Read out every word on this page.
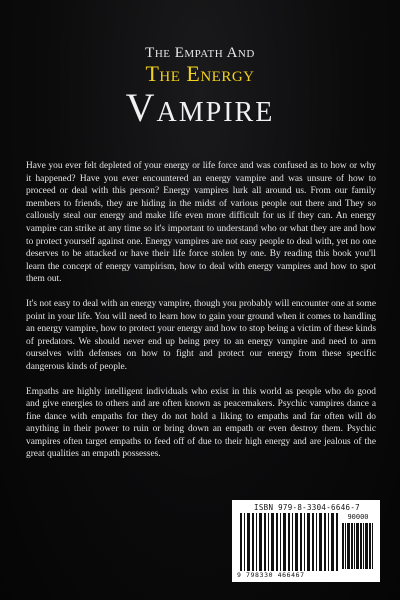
The Empath And
The Energy
Vampire

Have you ever felt depleted of your energy or life force and was confused as to how or why it happened? Have you ever encountered an energy vampire and was unsure of how to proceed or deal with this person? Energy vampires lurk all around us. From our family members to friends, they are hiding in the midst of various people out there and They so callously steal our energy and make life even more difficult for us if they can. An energy vampire can strike at any time so it's important to understand who or what they are and how to protect yourself against one. Energy vampires are not easy people to deal with, yet no one deserves to be attacked or have their life force stolen by one. By reading this book you'll learn the concept of energy vampirism, how to deal with energy vampires and how to spot them out.

It's not easy to deal with an energy vampire, though you probably will encounter one at some point in your life. You will need to learn how to gain your ground when it comes to handling an energy vampire, how to protect your energy and how to stop being a victim of these kinds of predators. We should never end up being prey to an energy vampire and need to arm ourselves with defenses on how to fight and protect our energy from these specific dangerous kinds of people.

Empaths are highly intelligent individuals who exist in this world as people who do good and give energies to others and are often known as peacemakers. Psychic vampires dance a fine dance with empaths for they do not hold a liking to empaths and far often will do anything in their power to ruin or bring down an empath or even destroy them. Psychic vampires often target empaths to feed off of due to their high energy and are jealous of the great qualities an empath possesses.

ISBN 979-8-3304-6646-7
90000
9 798330 466467
